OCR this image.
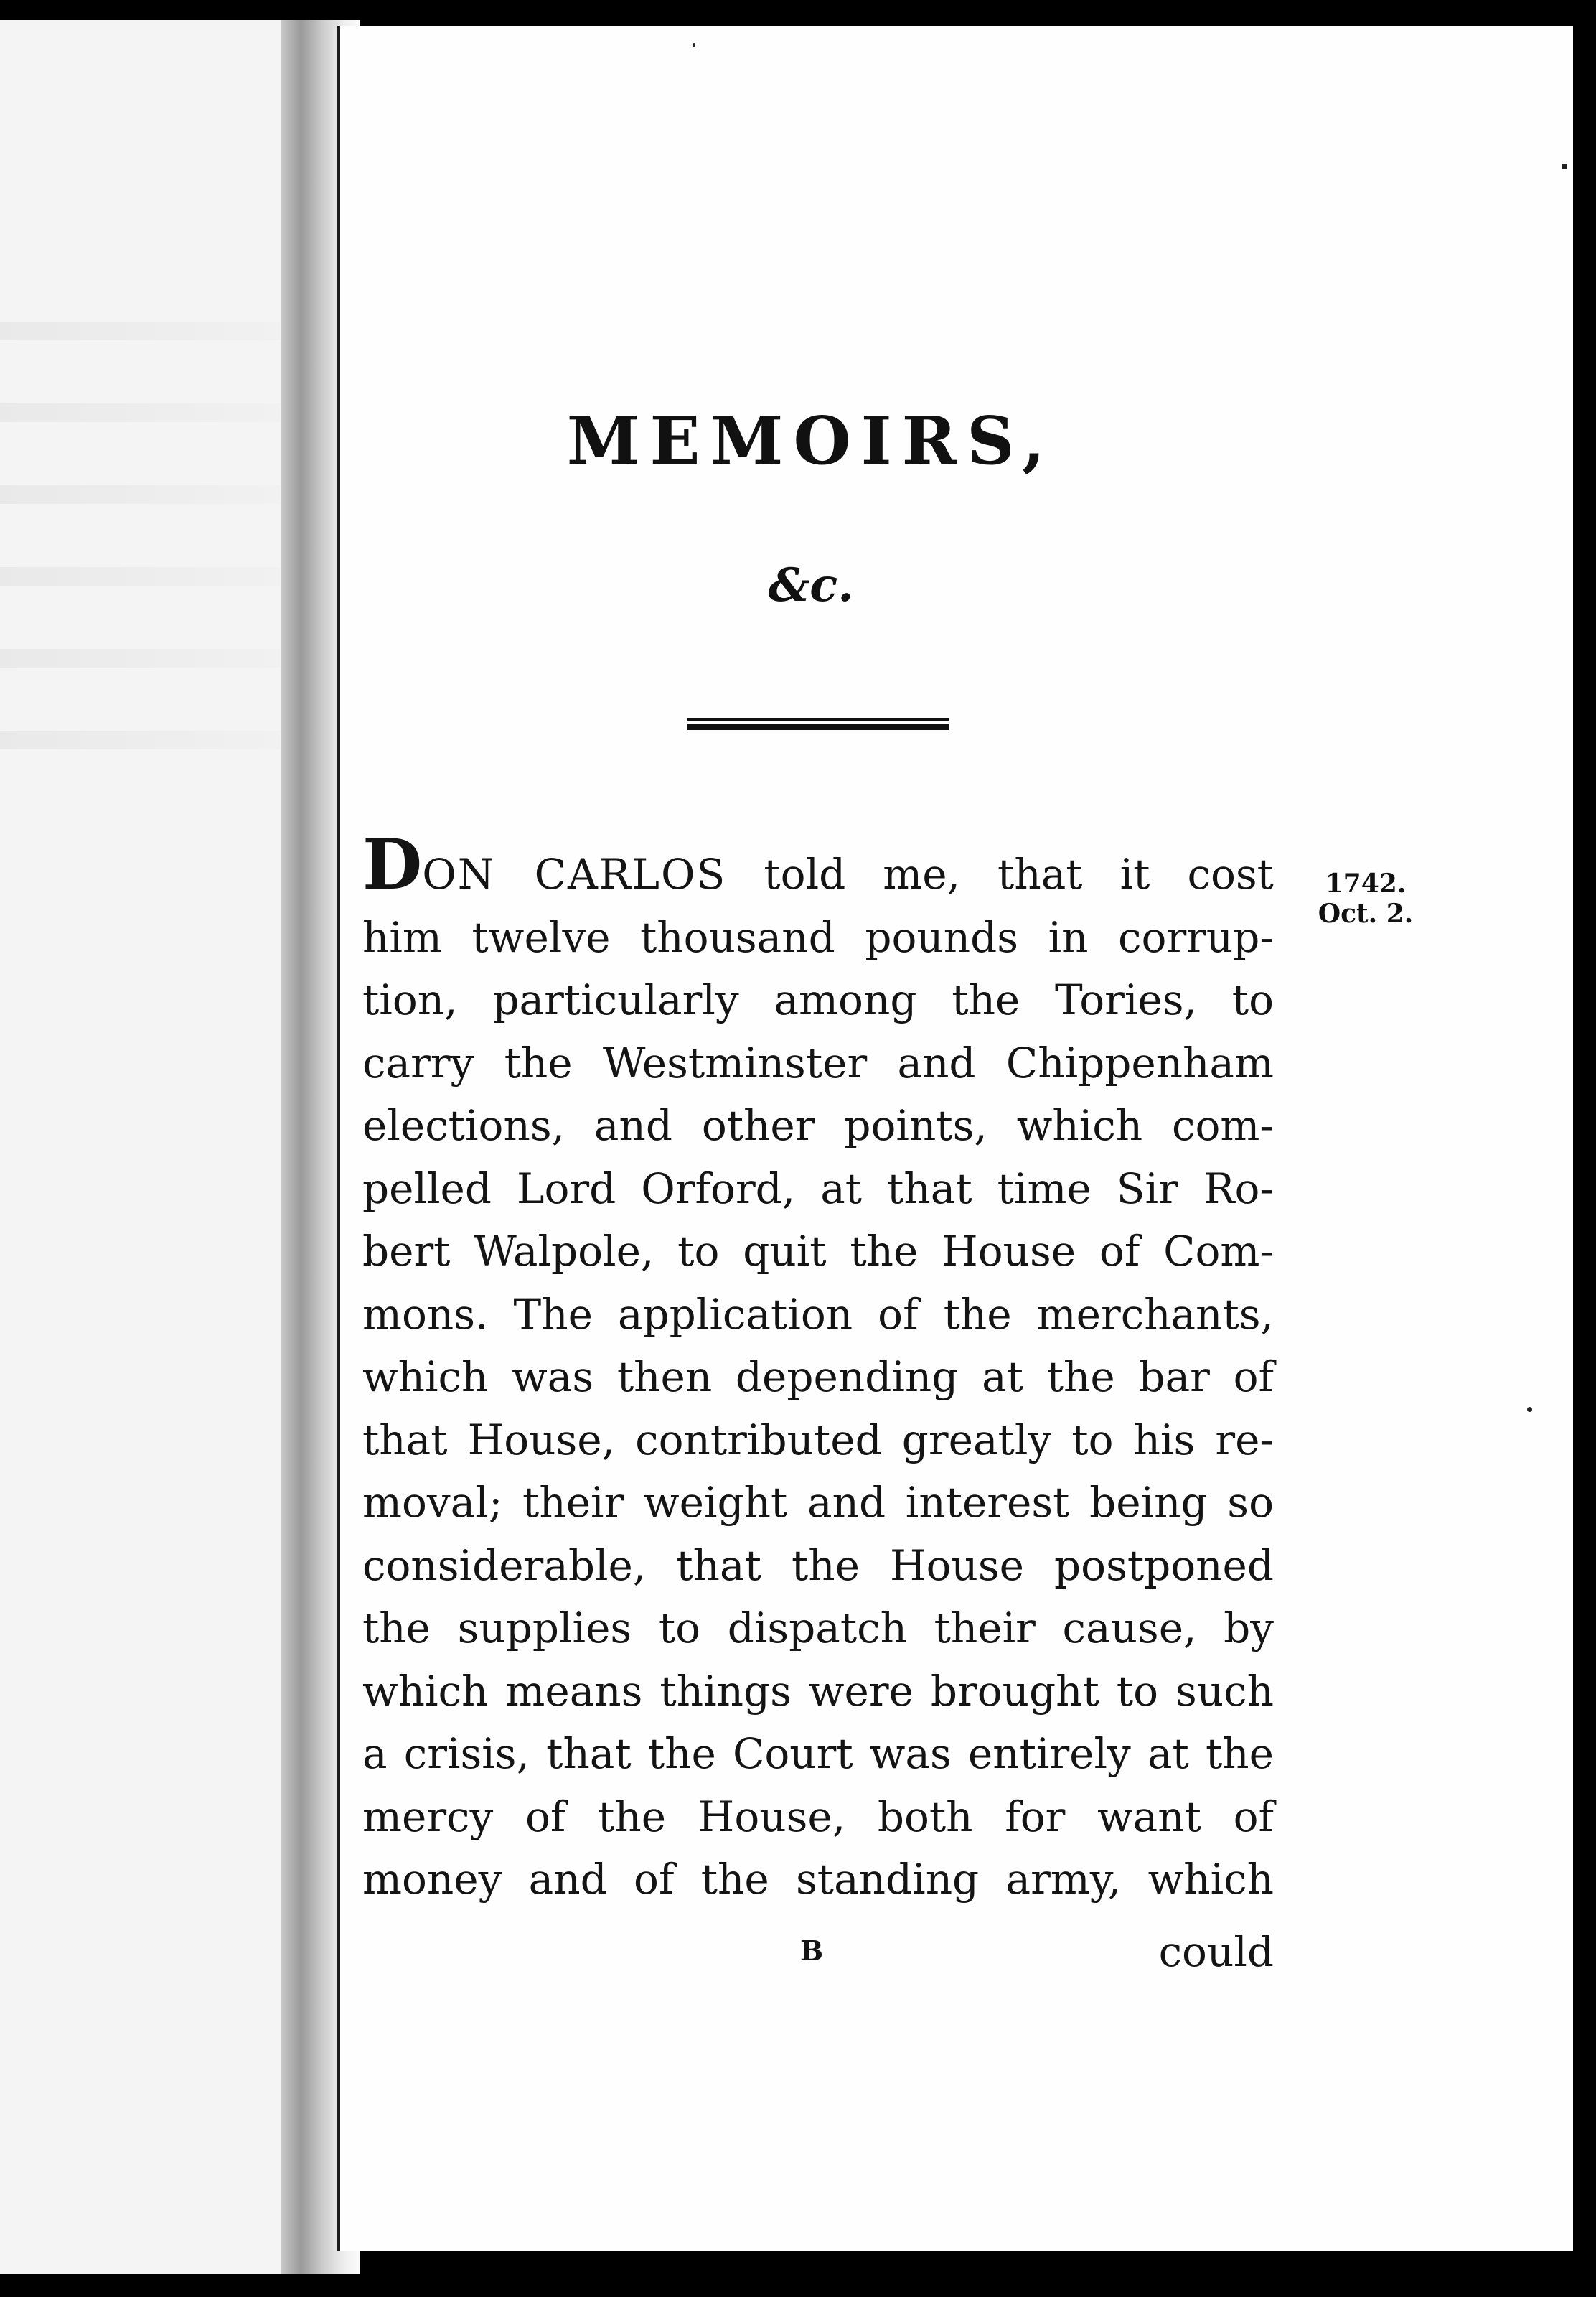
MEMOIRS,
&c.
DON CARLOS told me, that it cost
him twelve thousand pounds in corrup-
tion, particularly among the Tories, to
carry the Westminster and Chippenham
elections, and other points, which com-
pelled Lord Orford, at that time Sir Ro-
bert Walpole, to quit the House of Com-
mons. The application of the merchants,
which was then depending at the bar of
that House, contributed greatly to his re-
moval; their weight and interest being so
considerable, that the House postponed
the supplies to dispatch their cause, by
which means things were brought to such
a crisis, that the Court was entirely at the
mercy of the House, both for want of
money and of the standing army, which
1742.
Oct. 2.
B	could
